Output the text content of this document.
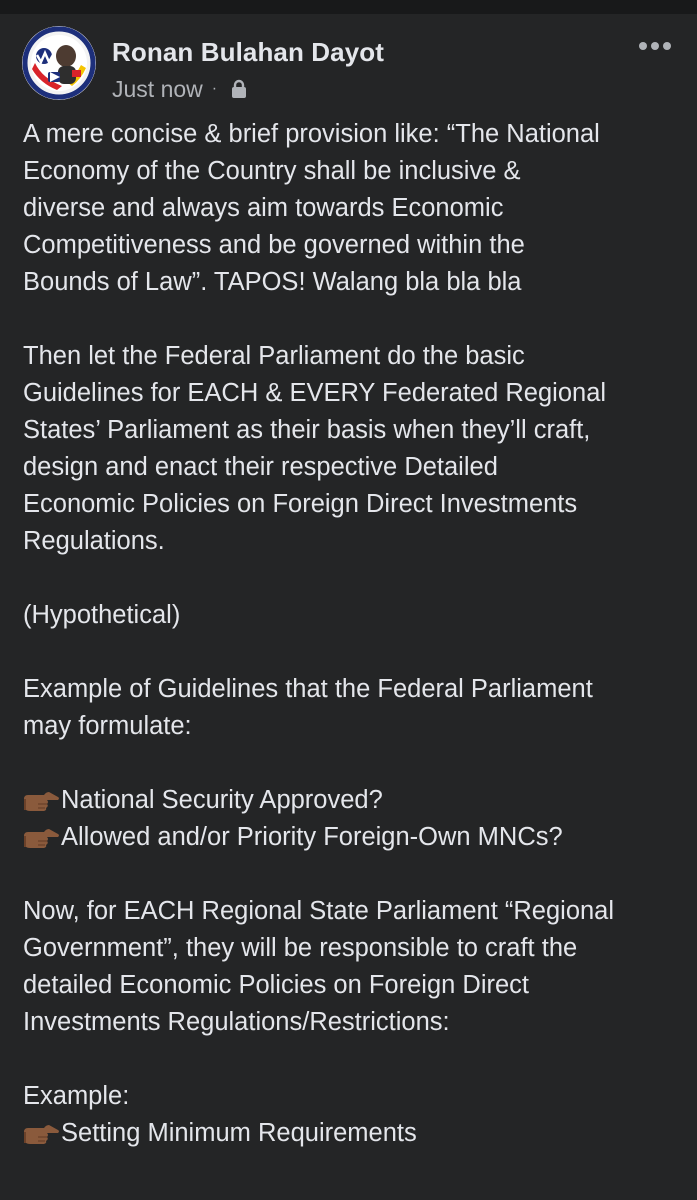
Ronan Bulahan Dayot
Just now ·

A mere concise & brief provision like: “The National

Economy of the Country shall be inclusive &

diverse and always aim towards Economic

Competitiveness and be governed within the

Bounds of Law”. TAPOS! Walang bla bla bla

Then let the Federal Parliament do the basic

Guidelines for EACH & EVERY Federated Regional

States’ Parliament as their basis when they’ll craft,

design and enact their respective Detailed

Economic Policies on Foreign Direct Investments

Regulations.

(Hypothetical)

Example of Guidelines that the Federal Parliament

may formulate:

National Security Approved?
Allowed and/or Priority Foreign-Own MNCs?

Now, for EACH Regional State Parliament “Regional

Government”, they will be responsible to craft the

detailed Economic Policies on Foreign Direct

Investments Regulations/Restrictions:

Example:

Setting Minimum Requirements
